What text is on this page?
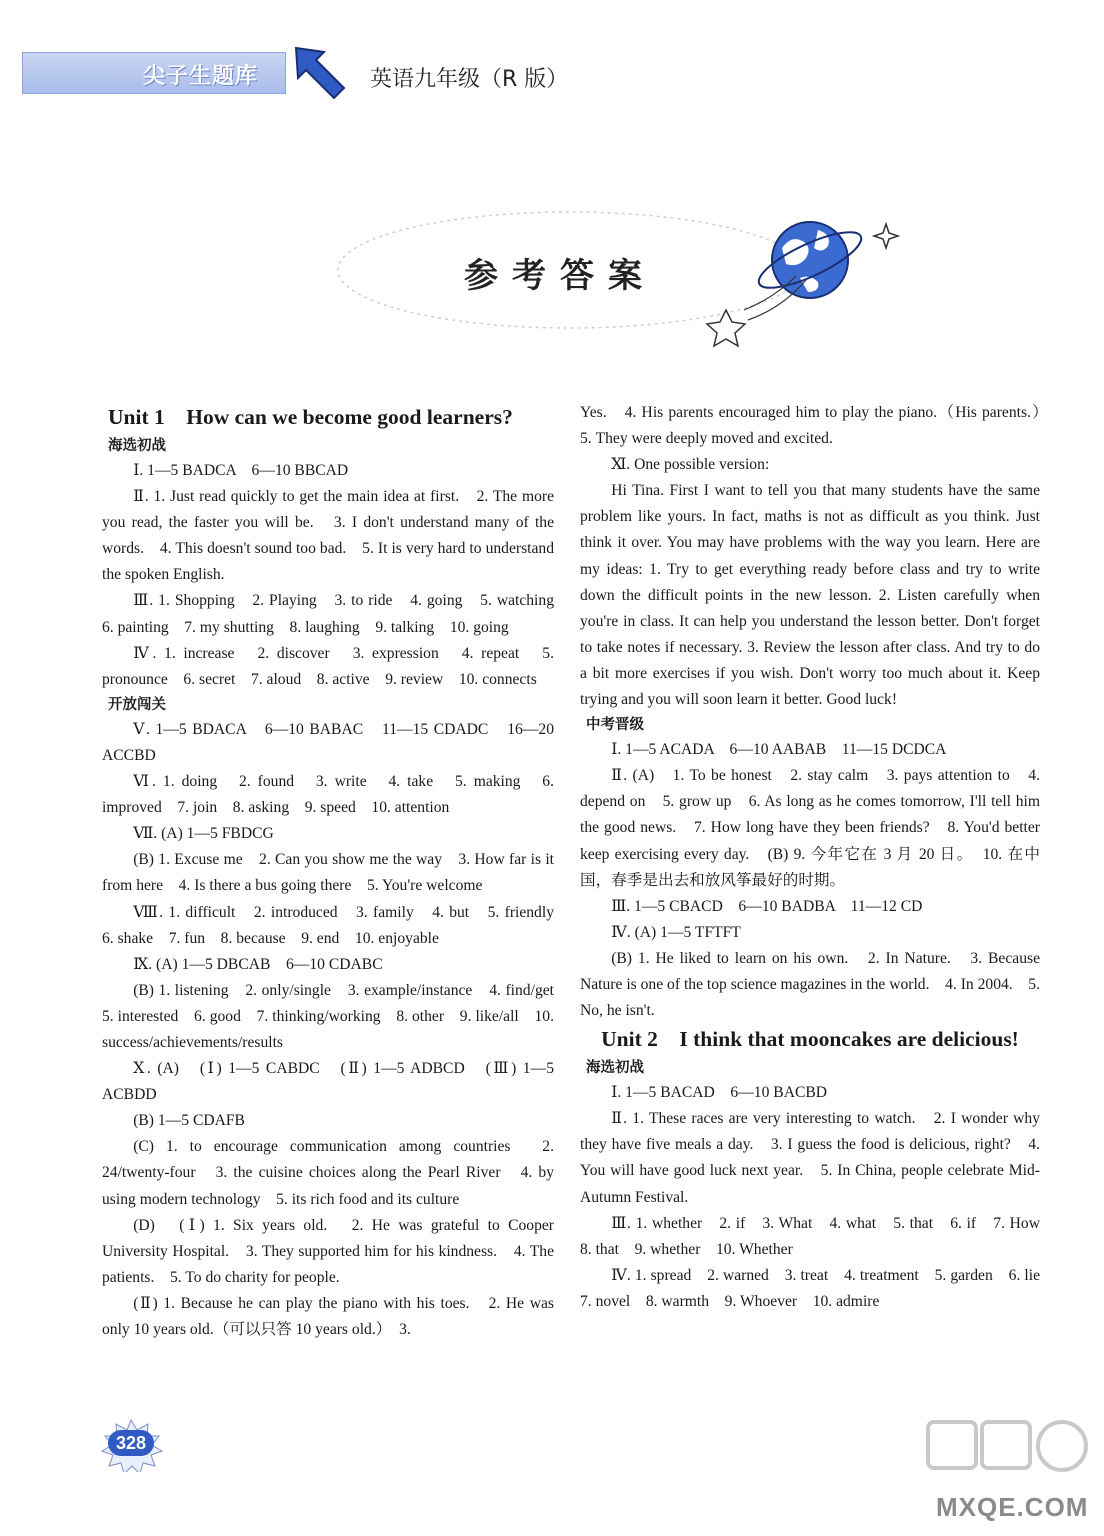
尖子生题库	英语九年级（R 版）
参考答案
Unit 1　How can we become good learners?
海选初战

Ⅰ. 1—5 BADCA　6—10 BBCAD

Ⅱ. 1. Just read quickly to get the main idea at first.　2. The more you read, the faster you will be.　3. I don't understand many of the words.　4. This doesn't sound too bad.　5. It is very hard to understand the spoken English.

Ⅲ. 1. Shopping　2. Playing　3. to ride　4. going　5. watching　6. painting　7. my shutting　8. laughing　9. talking　10. going

Ⅳ. 1. increase　2. discover　3. expression　4. repeat　5. pronounce　6. secret　7. aloud　8. active　9. review　10. connects

开放闯关

Ⅴ. 1—5 BDACA　6—10 BABAC　11—15 CDADC　16—20 ACCBD

Ⅵ. 1. doing　2. found　3. write　4. take　5. making　6. improved　7. join　8. asking　9. speed　10. attention

Ⅶ. (A) 1—5 FBDCG

(B) 1. Excuse me　2. Can you show me the way　3. How far is it from here　4. Is there a bus going there　5. You're welcome

Ⅷ. 1. difficult　2. introduced　3. family　4. but　5. friendly　6. shake　7. fun　8. because　9. end　10. enjoyable

Ⅸ. (A) 1—5 DBCAB　6—10 CDABC

(B) 1. listening　2. only/single　3. example/instance　4. find/get　5. interested　6. good　7. thinking/working　8. other　9. like/all　10. success/achievements/results

Ⅹ. (A)　(Ⅰ) 1—5 CABDC　(Ⅱ) 1—5 ADBCD　(Ⅲ) 1—5 ACBDD

(B) 1—5 CDAFB

(C) 1. to encourage communication among countries　2. 24/twenty-four　3. the cuisine choices along the Pearl River　4. by using modern technology　5. its rich food and its culture

(D)　(Ⅰ) 1. Six years old.　2. He was grateful to Cooper University Hospital.　3. They supported him for his kindness.　4. The patients.　5. To do charity for people.

(Ⅱ) 1. Because he can play the piano with his toes.　2. He was only 10 years old.（可以只答 10 years old.）　3.

Yes.　4. His parents encouraged him to play the piano.（His parents.）　5. They were deeply moved and excited.

Ⅺ. One possible version:

Hi Tina. First I want to tell you that many students have the same problem like yours. In fact, maths is not as difficult as you think. Just think it over. You may have problems with the way you learn. Here are my ideas: 1. Try to get everything ready before class and try to write down the difficult points in the new lesson. 2. Listen carefully when you're in class. It can help you understand the lesson better. Don't forget to take notes if necessary. 3. Review the lesson after class. And try to do a bit more exercises if you wish. Don't worry too much about it. Keep trying and you will soon learn it better. Good luck!

中考晋级

Ⅰ. 1—5 ACADA　6—10 AABAB　11—15 DCDCA

Ⅱ. (A)　1. To be honest　2. stay calm　3. pays attention to　4. depend on　5. grow up　6. As long as he comes tomorrow, I'll tell him the good news.　7. How long have they been friends?　8. You'd better keep exercising every day.　(B) 9. 今年它在 3 月 20 日。　10. 在中国，春季是出去和放风筝最好的时期。

Ⅲ. 1—5 CBACD　6—10 BADBA　11—12 CD

Ⅳ. (A) 1—5 TFTFT

(B) 1. He liked to learn on his own.　2. In Nature.　3. Because Nature is one of the top science magazines in the world.　4. In 2004.　5. No, he isn't.

Unit 2　I think that mooncakes are delicious!
海选初战

Ⅰ. 1—5 BACAD　6—10 BACBD

Ⅱ. 1. These races are very interesting to watch.　2. I wonder why they have five meals a day.　3. I guess the food is delicious, right?　4. You will have good luck next year.　5. In China, people celebrate Mid-Autumn Festival.

Ⅲ. 1. whether　2. if　3. What　4. what　5. that　6. if　7. How　8. that　9. whether　10. Whether

Ⅳ. 1. spread　2. warned　3. treat　4. treatment　5. garden　6. lie　7. novel　8. warmth　9. Whoever　10. admire

328
MXQE.COM
